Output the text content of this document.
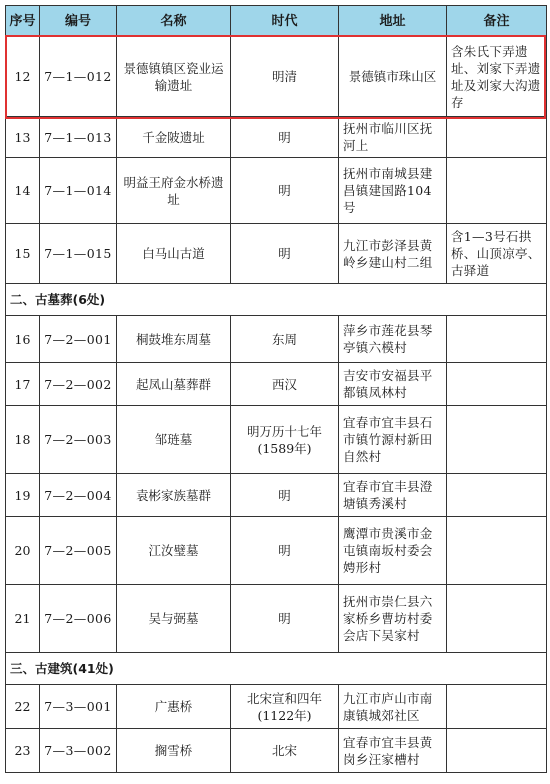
序号	编号	名称	时代	地址	备注
12	7—1—012	景德镇镇区瓷业运输遗址	明清	景德镇市珠山区	含朱氏下弄遗址、刘家下弄遗址及刘家大沟遗存
13	7—1—013	千金陂遗址	明	抚州市临川区抚河上	
14	7—1—014	明益王府金水桥遗址	明	抚州市南城县建昌镇建国路104号	
15	7—1—015	白马山古道	明	九江市彭泽县黄岭乡建山村二组	含1—3号石拱桥、山顶凉亭、古驿道
二、古墓葬(6处)					
16	7—2—001	桐鼓堆东周墓	东周	萍乡市莲花县琴亭镇六模村	
17	7—2—002	起凤山墓葬群	西汉	吉安市安福县平都镇凤林村	
18	7—2—003	邹琏墓	明万历十七年(1589年)	宜春市宜丰县石市镇竹源村新田自然村	
19	7—2—004	袁彬家族墓群	明	宜春市宜丰县澄塘镇秀溪村	
20	7—2—005	江汝璧墓	明	鹰潭市贵溪市金屯镇南坂村委会娉形村	
21	7—2—006	吴与弼墓	明	抚州市崇仁县六家桥乡曹坊村委会店下吴家村	
三、古建筑(41处)					
22	7—3—001	广惠桥	北宋宣和四年(1122年)	九江市庐山市南康镇城郊社区	
23	7—3—002	搁雪桥	北宋	宜春市宜丰县黄岗乡汪家槽村	
